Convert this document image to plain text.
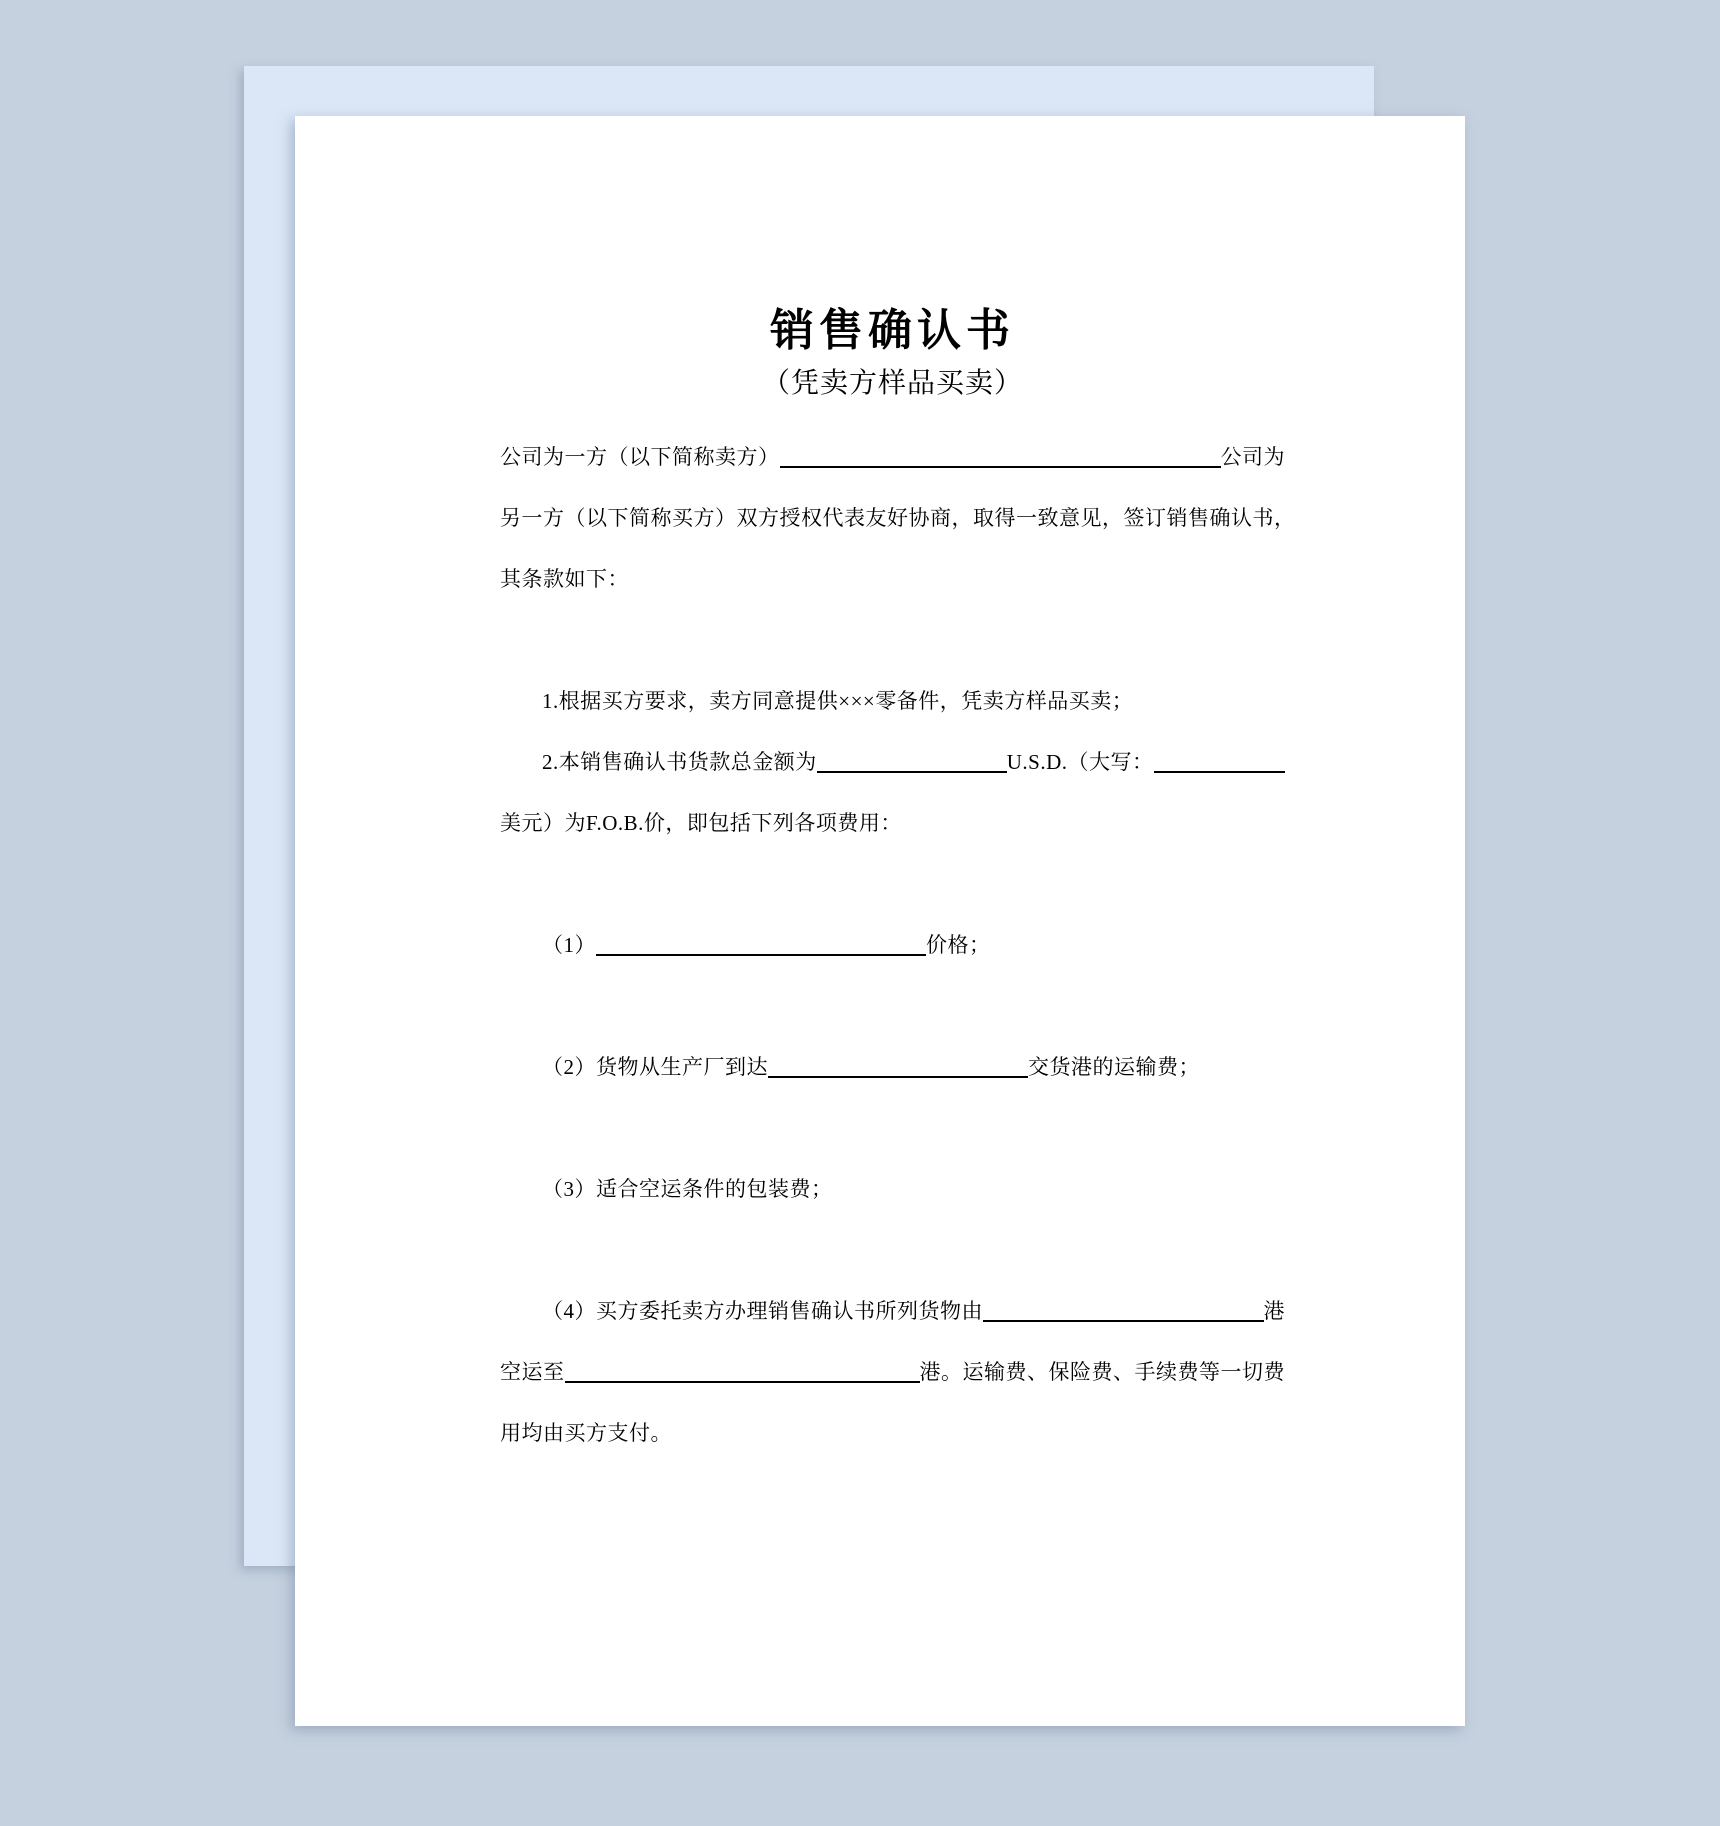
销售确认书
（凭卖方样品买卖）
公司为一方（以下简称卖方）	公司为
另一方（以下简称买方）双方授权代表友好协商，取得一致意见，签订销售确认书，
其条款如下：
1.根据买方要求，卖方同意提供×××零备件，凭卖方样品买卖；
2.本销售确认书货款总金额为	U.S.D.（大写：
美元）为F.O.B.价，即包括下列各项费用：
（1）	价格；
（2）货物从生产厂到达	交货港的运输费；
（3）适合空运条件的包装费；
（4）买方委托卖方办理销售确认书所列货物由	港
空运至	港。运输费、保险费、手续费等一切费
用均由买方支付。
